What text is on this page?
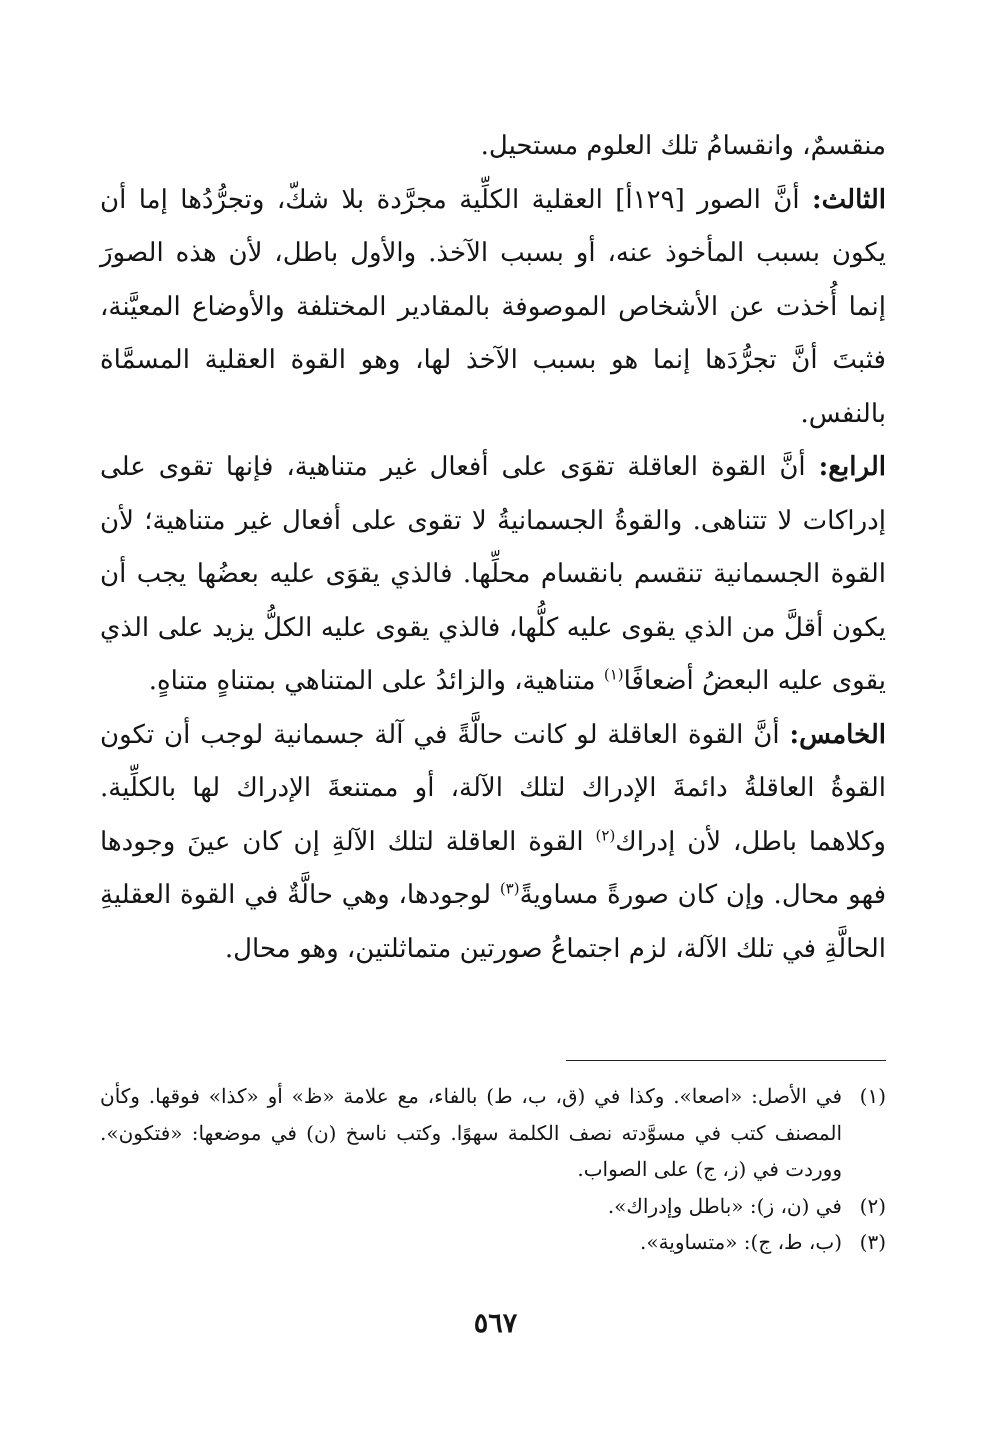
منقسمٌ، وانقسامُ تلك العلوم مستحيل.

الثالث: أنَّ الصور [١٢٩أ] العقلية الكلِّية مجرَّدة بلا شكّ، وتجرُّدُها إما أن يكون بسبب المأخوذ عنه، أو بسبب الآخذ. والأول باطل، لأن هذه الصورَ إنما أُخذت عن الأشخاص الموصوفة بالمقادير المختلفة والأوضاع المعيَّنة، فثبتَ أنَّ تجرُّدَها إنما هو بسبب الآخذ لها، وهو القوة العقلية المسمَّاة بالنفس.

الرابع: أنَّ القوة العاقلة تقوَى على أفعال غير متناهية، فإنها تقوى على إدراكات لا تتناهى. والقوةُ الجسمانيةُ لا تقوى على أفعال غير متناهية؛ لأن القوة الجسمانية تنقسم بانقسام محلِّها. فالذي يقوَى عليه بعضُها يجب أن يكون أقلَّ من الذي يقوى عليه كلُّها، فالذي يقوى عليه الكلُّ يزيد على الذي يقوى عليه البعضُ أضعافًا$^{(١)}$ متناهية، والزائدُ على المتناهي بمتناهٍ متناهٍ.

الخامس: أنَّ القوة العاقلة لو كانت حالَّةً في آلة جسمانية لوجب أن تكون القوةُ العاقلةُ دائمةَ الإدراك لتلك الآلة، أو ممتنعةَ الإدراك لها بالكلِّية. وكلاهما باطل، لأن إدراك$^{(٢)}$ القوة العاقلة لتلك الآلةِ إن كان عينَ وجودها فهو محال. وإن كان صورةً مساويةً$^{(٣)}$ لوجودها، وهي حالَّةٌ في القوة العقليةِ الحالَّةِ في تلك الآلة، لزم اجتماعُ صورتين متماثلتين، وهو محال.

(١)
في الأصل: «اصعا». وكذا في (ق، ب، ط) بالفاء، مع علامة «ظ» أو «كذا» فوقها. وكأن المصنف كتب في مسوَّدته نصف الكلمة سهوًا. وكتب ناسخ (ن) في موضعها: «فتكون». ووردت في (ز، ج) على الصواب.
(٢)
في (ن، ز): «باطل وإدراك».
(٣)
(ب، ط، ج): «متساوية».
٥٦٧
